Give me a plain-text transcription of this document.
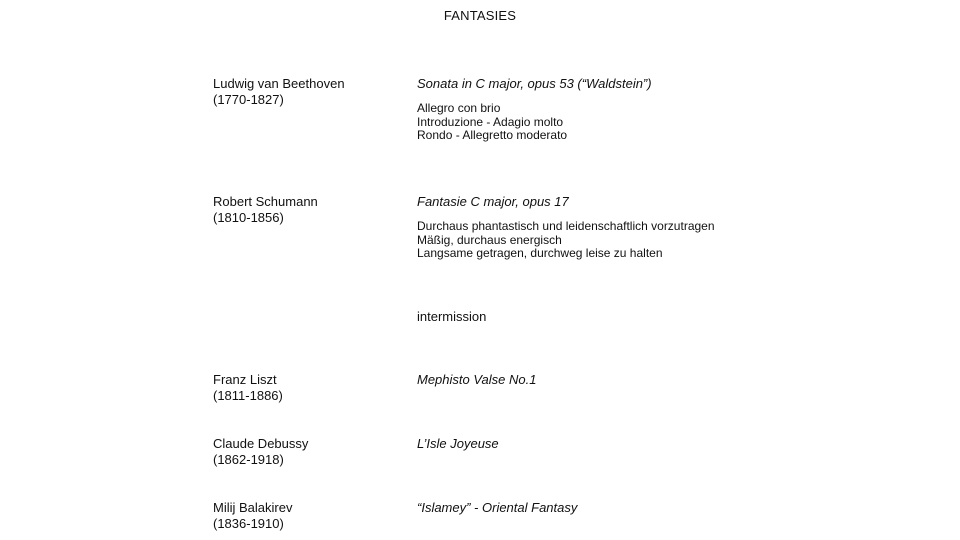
FANTASIES
Ludwig van Beethoven
(1770-1827)
Sonata in C major, opus 53 (“Waldstein”)
Allegro con brio
Introduzione - Adagio molto
Rondo - Allegretto moderato
Robert Schumann
(1810-1856)
Fantasie C major, opus 17
Durchaus phantastisch und leidenschaftlich vorzutragen
Mäßig, durchaus energisch
Langsame getragen, durchweg leise zu halten
intermission
Franz Liszt
(1811-1886)
Mephisto Valse No.1
Claude Debussy
(1862-1918)
L’Isle Joyeuse
Milij Balakirev
(1836-1910)
“Islamey” - Oriental Fantasy
